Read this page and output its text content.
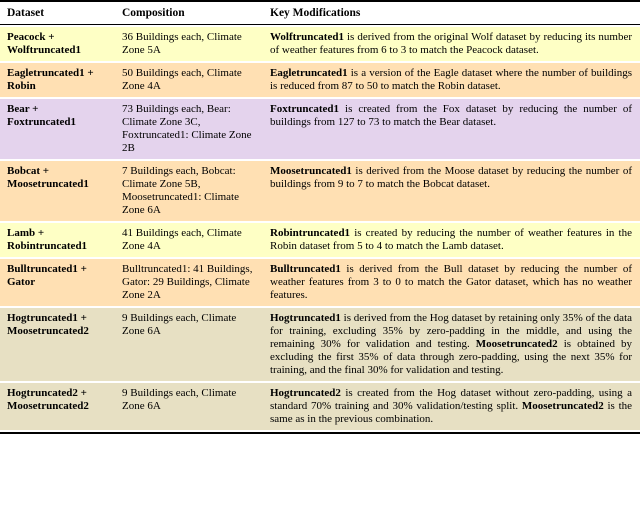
Dataset	Composition	Key Modifications
Peacock + Wolftruncated1
36 Buildings each, Climate Zone 5A
Wolftruncated1 is derived from the original Wolf dataset by reducing its number of weather features from 6 to 3 to match the Peacock dataset.
Eagletruncated1 + Robin
50 Buildings each, Climate Zone 4A
Eagletruncated1 is a version of the Eagle dataset where the number of buildings is reduced from 87 to 50 to match the Robin dataset.
Bear + Foxtruncated1
73 Buildings each, Bear: Climate Zone 3C, Foxtruncated1: Climate Zone 2B
Foxtruncated1 is created from the Fox dataset by reducing the number of buildings from 127 to 73 to match the Bear dataset.
Bobcat + Moosetruncated1
7 Buildings each, Bobcat: Climate Zone 5B, Moosetruncated1: Climate Zone 6A
Moosetruncated1 is derived from the Moose dataset by reducing the number of buildings from 9 to 7 to match the Bobcat dataset.
Lamb + Robintruncated1
41 Buildings each, Climate Zone 4A
Robintruncated1 is created by reducing the number of weather features in the Robin dataset from 5 to 4 to match the Lamb dataset.
Bulltruncated1 + Gator
Bulltruncated1: 41 Buildings, Gator: 29 Buildings, Climate Zone 2A
Bulltruncated1 is derived from the Bull dataset by reducing the number of weather features from 3 to 0 to match the Gator dataset, which has no weather features.
Hogtruncated1 + Moosetruncated2
9 Buildings each, Climate Zone 6A
Hogtruncated1 is derived from the Hog dataset by retaining only 35% of the data for training, excluding 35% by zero-padding in the middle, and using the remaining 30% for validation and testing. Moosetruncated2 is obtained by excluding the first 35% of data through zero-padding, using the next 35% for training, and the final 30% for validation and testing.
Hogtruncated2 + Moosetruncated2
9 Buildings each, Climate Zone 6A
Hogtruncated2 is created from the Hog dataset without zero-padding, using a standard 70% training and 30% validation/testing split. Moosetruncated2 is the same as in the previous combination.
